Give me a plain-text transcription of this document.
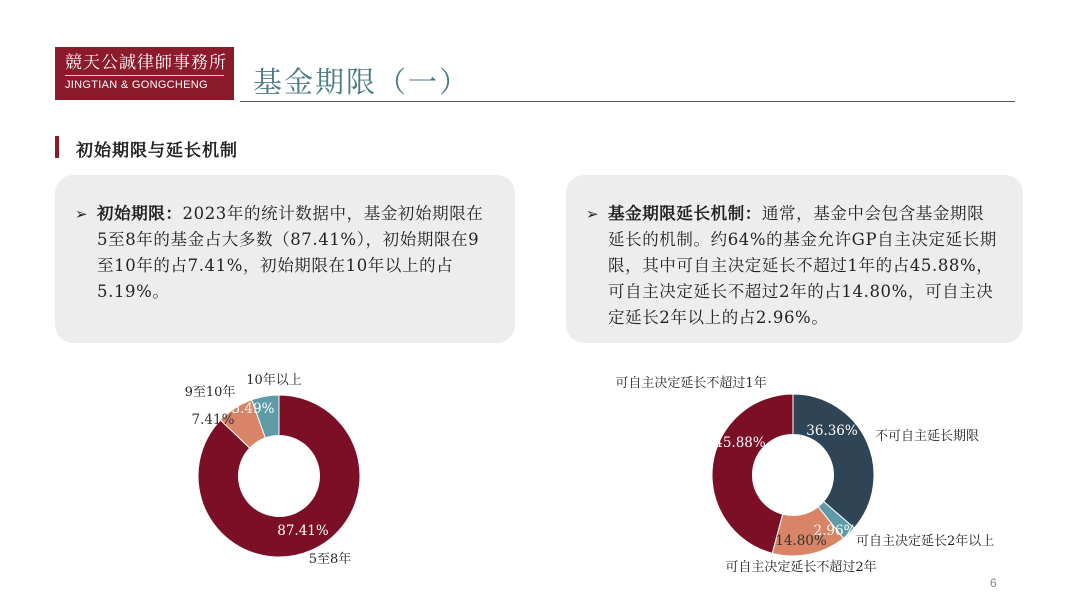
競天公誠律師事務所
JINGTIAN & GONGCHENG	基金期限（一）
初始期限与延长机制
➢ 初始期限：2023年的统计数据中，基金初始期限在5至8年的基金占大多数（87.41%），初始期限在9至10年的占7.41%，初始期限在10年以上的占5.19%。
➢ 基金期限延长机制：通常，基金中会包含基金期限延长的机制。约64%的基金允许GP自主决定延长期限，其中可自主决定延长不超过1年的占45.88%，可自主决定延长不超过2年的占14.80%，可自主决定延长2年以上的占2.96%。
5至8年
9至10年
10年以上
87.41%
7.41%
5.49%
不可自主延长期限
可自主决定延长2年以上
可自主决定延长不超过2年
可自主决定延长不超过1年
36.36%
2.96%
14.80%
45.88%
6
